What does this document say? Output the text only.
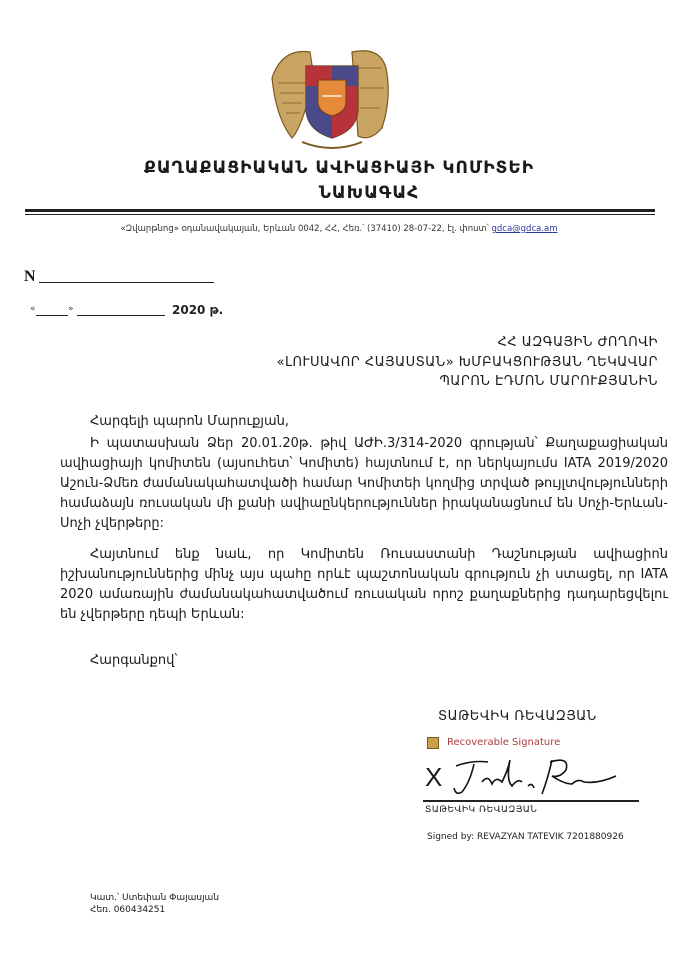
ՔԱՂԱՔԱՑԻԱԿԱՆ ԱՎԻԱՑԻԱՅԻ ԿՈՄԻՏԵԻ
ՆԱԽԱԳԱՀ
«Զվարթնոց» օդանավակայան, Երևան 0042, ՀՀ, Հեռ.՝ (37410) 28-07-22, էլ. փոստ՝ gdca@gdca.am
N
«	»	2020 թ.
ՀՀ ԱԶԳԱՅԻՆ ԺՈՂՈՎԻ
«ԼՈՒՍԱՎՈՐ ՀԱՅԱՍՏԱՆ» ԽՄԲԱԿՑՈՒԹՅԱՆ ՂԵԿԱՎԱՐ
ՊԱՐՈՆ ԷԴՄՈՆ ՄԱՐՈՒՔՅԱՆԻՆ
Հարգելի պարոն Մարուքյան,
Ի պատասխան Ձեր 20.01.20թ. թիվ ԱԺԻ.3/314-2020 գրության՝ Քաղաքացիական ավիացիայի կոմիտեն (այսուհետ՝ Կոմիտե) հայտնում է, որ ներկայումս IATA 2019/2020 Աշուն-Ձմեռ ժամանակահատվածի համար Կոմիտեի կողմից տրված թույլտվությունների համաձայն ռուսական մի քանի ավիաընկերություններ իրականացնում են Սոչի-Երևան-Սոչի չվերթերը:
Հայտնում ենք նաև, որ Կոմիտեն Ռուսաստանի Դաշնության ավիացիոն իշխանություններից մինչ այս պահը որևէ պաշտոնական գրություն չի ստացել, որ IATA 2020 ամառային ժամանակահատվածում ռուսական որոշ քաղաքներից դադարեցվելու են չվերթերը դեպի Երևան:
Հարգանքով՝
ՏԱԹԵՎԻԿ ՌԵՎԱԶՅԱՆ
Recoverable Signature
X
ՏԱԹԵՎԻԿ ՌԵՎԱԶՅԱՆ
Signed by: REVAZYAN TATEVIK 7201880926
Կատ.՝ Ստեփան Փայասյան
Հեռ. 060434251
